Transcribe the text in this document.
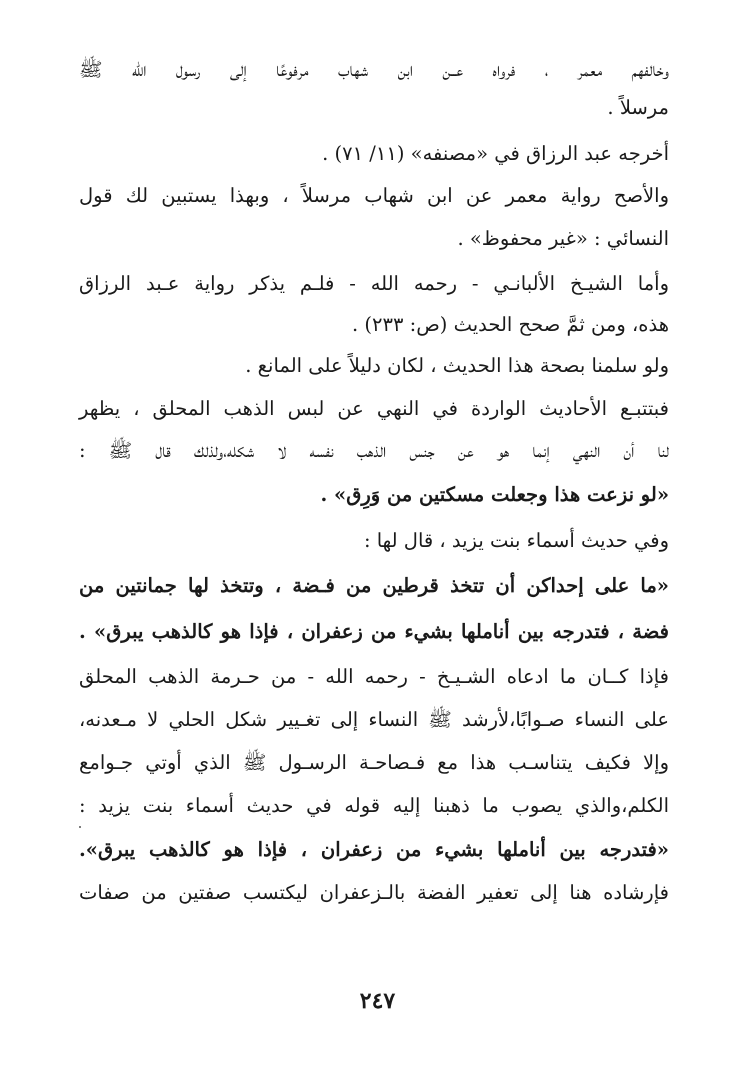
وخالفهم معمر ، فرواه عــن ابن شهاب مرفوعًا إلى رسول الله ﷺ
مرسلاً .
أخرجه عبد الرزاق في «مصنفه» (١١/ ٧١) .
والأصح رواية معمر عن ابن شهاب مرسلاً ، وبهذا يستبين لك قول
النسائي : «غير محفوظ» .
وأما الشيـخ الألبانـي - رحمه الله - فلـم يذكر رواية عـبد الرزاق
هذه، ومن ثمَّ صحح الحديث (ص: ٢٣٣) .
ولو سلمنا بصحة هذا الحديث ، لكان دليلاً على المانع .
فبتتبـع الأحاديث الواردة في النهي عن لبس الذهب المحلق ، يظهر
لنا أن النهي إنما هو عن جنس الذهب نفسه لا شكله،ولذلك قال ﷺ :
«لو نزعت هذا وجعلت مسكتين من وَرِق» .
وفي حديث أسماء بنت يزيد ، قال لها :
«ما على إحداكن أن تتخذ قرطين من فـضة ، وتتخذ لها جمانتين من
فضة ، فتدرجه بين أناملها بشيء من زعفران ، فإذا هو كالذهب يبرق» .
فإذا كــان ما ادعاه الشـيـخ - رحمه الله - من حـرمة الذهب المحلق
على النساء صـوابًا،لأرشد ﷺ النساء إلى تغـيير شكل الحلي لا مـعدنه،
وإلا فكيف يتناسـب هذا مع فـصاحـة الرسـول ﷺ الذي أوتي جـوامع
الكلم،والذي يصوب ما ذهبنا إليه قوله في حديث أسماء بنت يزيد :
«فتدرجه بين أناملها بشيء من زعفران ، فإذا هو كالذهب يبرق».
فإرشاده هنا إلى تعفير الفضة بالـزعفران ليكتسب صفتين من صفات
٢٤٧
